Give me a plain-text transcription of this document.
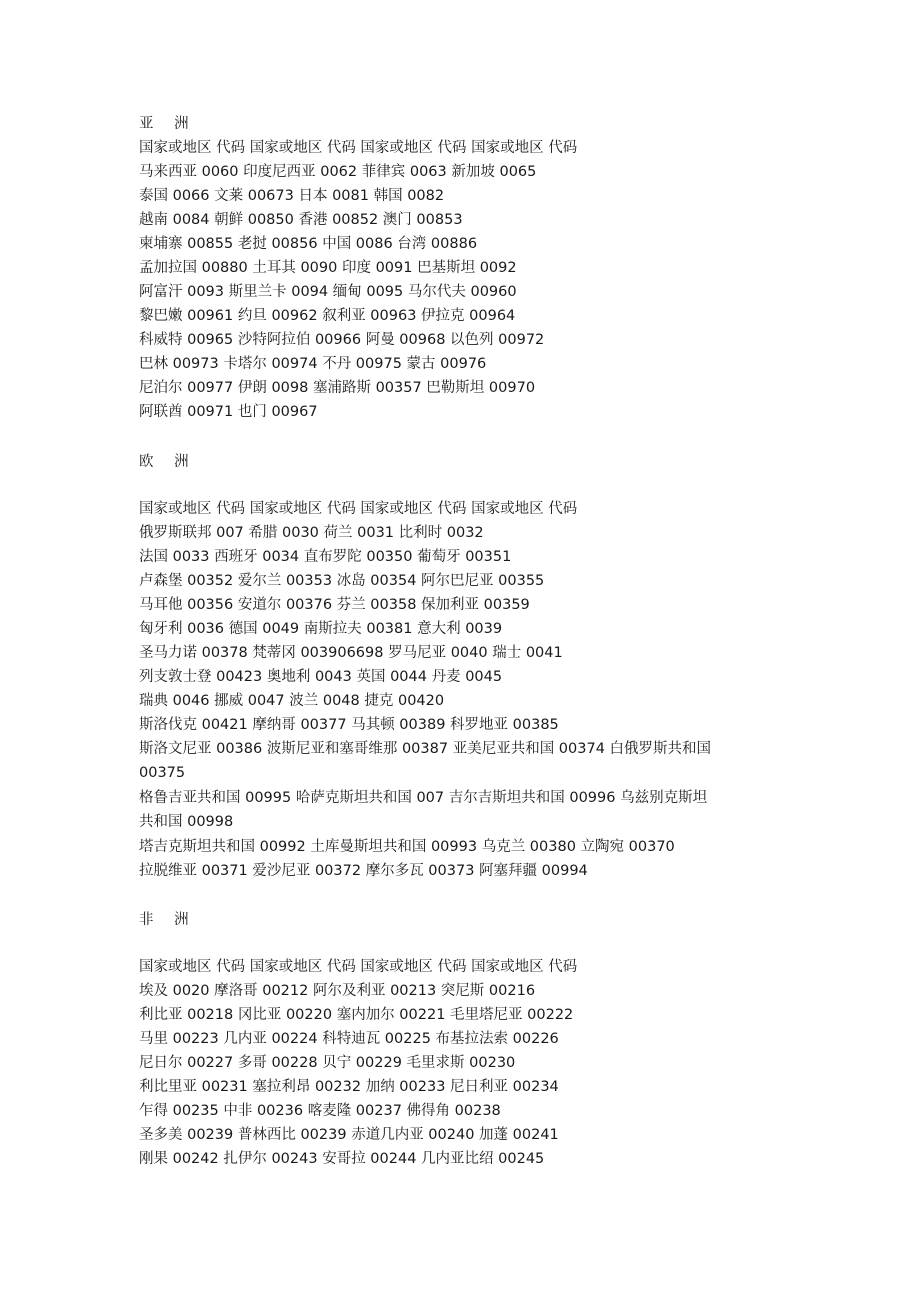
亚 洲
国家或地区 代码 国家或地区 代码 国家或地区 代码 国家或地区 代码
马来西亚 0060 印度尼西亚 0062 菲律宾 0063 新加坡 0065
泰国 0066 文莱 00673 日本 0081 韩国 0082
越南 0084 朝鲜 00850 香港 00852 澳门 00853
柬埔寨 00855 老挝 00856 中国 0086 台湾 00886
孟加拉国 00880 土耳其 0090 印度 0091 巴基斯坦 0092
阿富汗 0093 斯里兰卡 0094 缅甸 0095 马尔代夫 00960
黎巴嫩 00961 约旦 00962 叙利亚 00963 伊拉克 00964
科威特 00965 沙特阿拉伯 00966 阿曼 00968 以色列 00972
巴林 00973 卡塔尔 00974 不丹 00975 蒙古 00976
尼泊尔 00977 伊朗 0098 塞浦路斯 00357 巴勒斯坦 00970
阿联酋 00971 也门 00967
欧 洲
国家或地区 代码 国家或地区 代码 国家或地区 代码 国家或地区 代码
俄罗斯联邦 007 希腊 0030 荷兰 0031 比利时 0032
法国 0033 西班牙 0034 直布罗陀 00350 葡萄牙 00351
卢森堡 00352 爱尔兰 00353 冰岛 00354 阿尔巴尼亚 00355
马耳他 00356 安道尔 00376 芬兰 00358 保加利亚 00359
匈牙利 0036 德国 0049 南斯拉夫 00381 意大利 0039
圣马力诺 00378 梵蒂冈 003906698 罗马尼亚 0040 瑞士 0041
列支敦士登 00423 奥地利 0043 英国 0044 丹麦 0045
瑞典 0046 挪威 0047 波兰 0048 捷克 00420
斯洛伐克 00421 摩纳哥 00377 马其顿 00389 科罗地亚 00385
斯洛文尼亚 00386 波斯尼亚和塞哥维那 00387 亚美尼亚共和国 00374 白俄罗斯共和国
00375
格鲁吉亚共和国 00995 哈萨克斯坦共和国 007 吉尔吉斯坦共和国 00996 乌兹别克斯坦
共和国 00998
塔吉克斯坦共和国 00992 土库曼斯坦共和国 00993 乌克兰 00380 立陶宛 00370
拉脱维亚 00371 爱沙尼亚 00372 摩尔多瓦 00373 阿塞拜疆 00994
非 洲
国家或地区 代码 国家或地区 代码 国家或地区 代码 国家或地区 代码
埃及 0020 摩洛哥 00212 阿尔及利亚 00213 突尼斯 00216
利比亚 00218 冈比亚 00220 塞内加尔 00221 毛里塔尼亚 00222
马里 00223 几内亚 00224 科特迪瓦 00225 布基拉法索 00226
尼日尔 00227 多哥 00228 贝宁 00229 毛里求斯 00230
利比里亚 00231 塞拉利昂 00232 加纳 00233 尼日利亚 00234
乍得 00235 中非 00236 喀麦隆 00237 佛得角 00238
圣多美 00239 普林西比 00239 赤道几内亚 00240 加蓬 00241
刚果 00242 扎伊尔 00243 安哥拉 00244 几内亚比绍 00245
